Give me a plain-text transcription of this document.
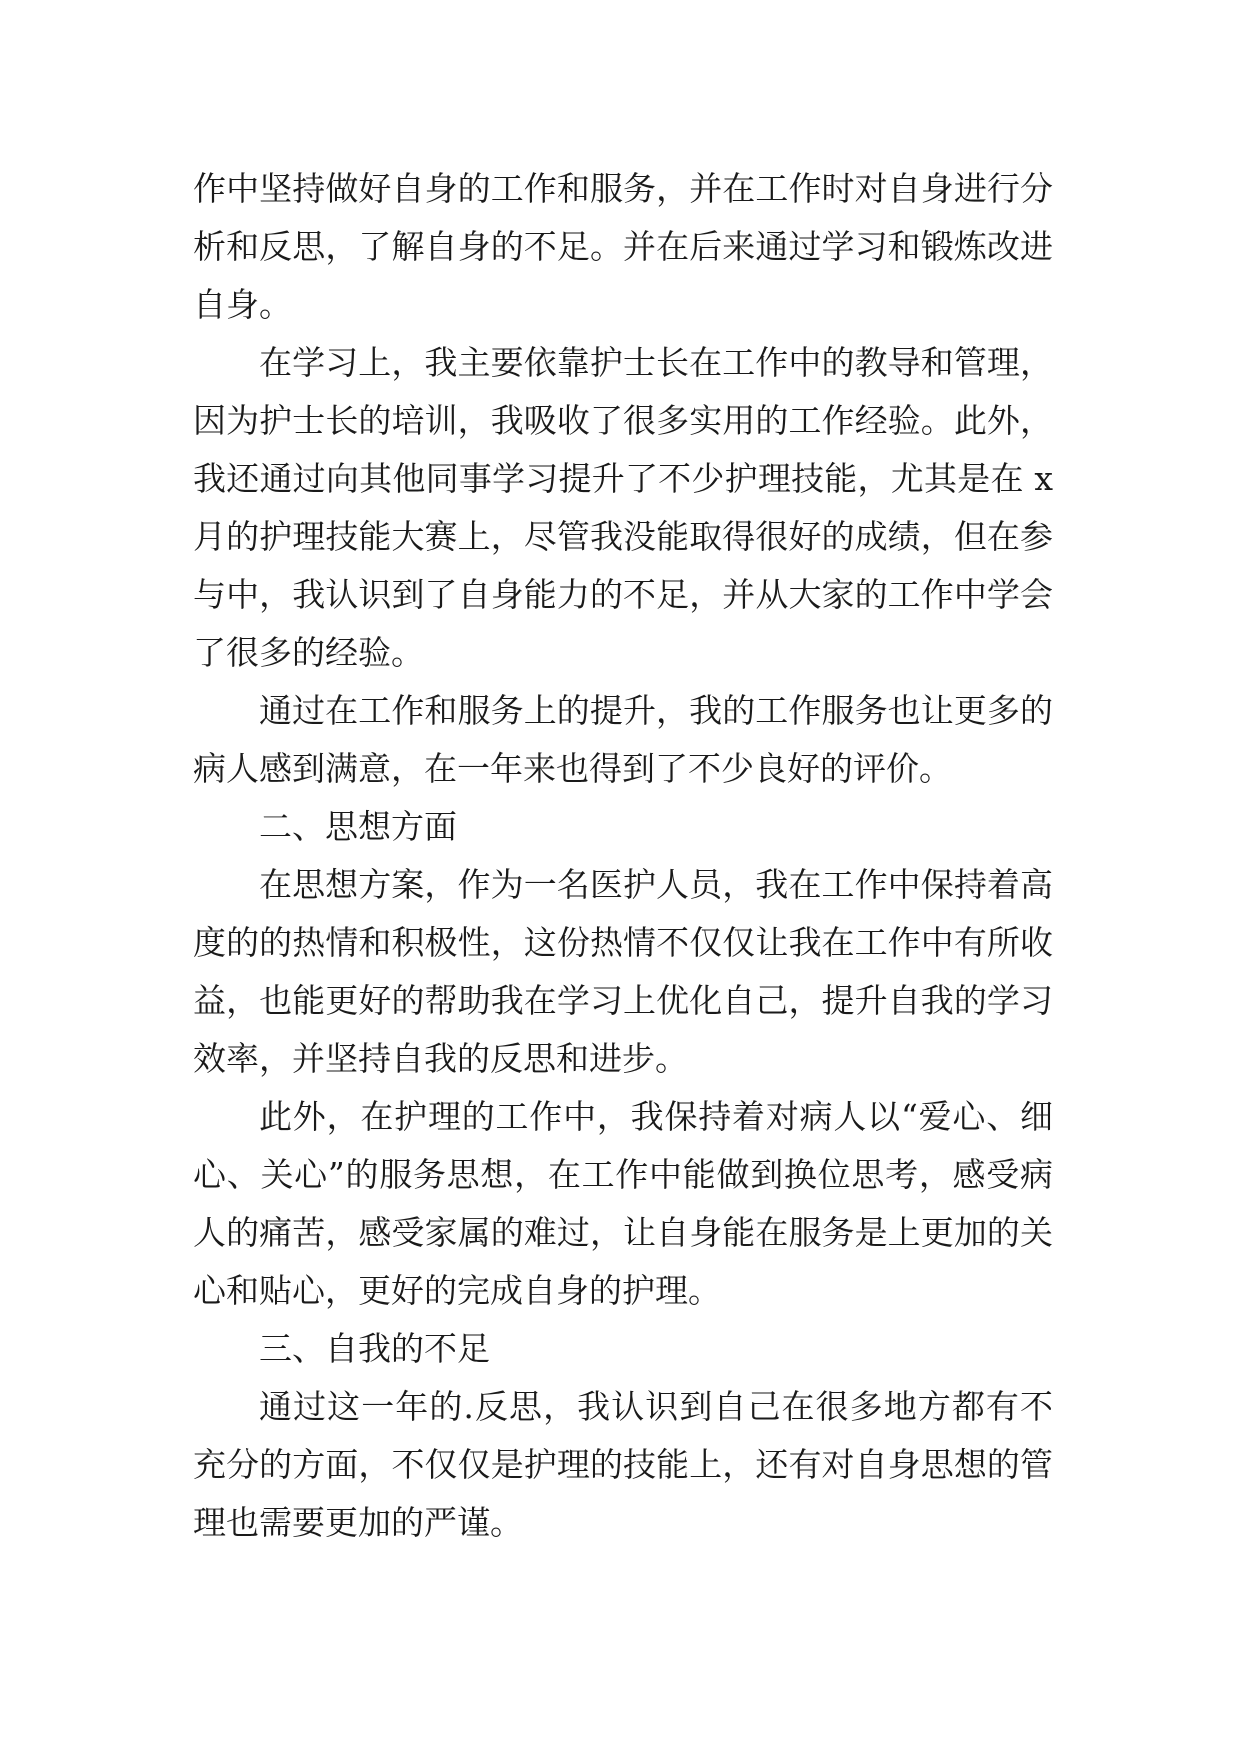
作中坚持做好自身的工作和服务，并在工作时对自身进行分
析和反思，了解自身的不足。并在后来通过学习和锻炼改进
自身。
在学习上，我主要依靠护士长在工作中的教导和管理，
因为护士长的培训，我吸收了很多实用的工作经验。此外，
我还通过向其他同事学习提升了不少护理技能，尤其是在 x
月的护理技能大赛上，尽管我没能取得很好的成绩，但在参
与中，我认识到了自身能力的不足，并从大家的工作中学会
了很多的经验。
通过在工作和服务上的提升，我的工作服务也让更多的
病人感到满意，在一年来也得到了不少良好的评价。
二、思想方面
在思想方案，作为一名医护人员，我在工作中保持着高
度的的热情和积极性，这份热情不仅仅让我在工作中有所收
益，也能更好的帮助我在学习上优化自己，提升自我的学习
效率，并坚持自我的反思和进步。
此外，在护理的工作中，我保持着对病人以“爱心、细
心、关心”的服务思想，在工作中能做到换位思考，感受病
人的痛苦，感受家属的难过，让自身能在服务是上更加的关
心和贴心，更好的完成自身的护理。
三、自我的不足
通过这一年的.反思，我认识到自己在很多地方都有不
充分的方面，不仅仅是护理的技能上，还有对自身思想的管
理也需要更加的严谨。
